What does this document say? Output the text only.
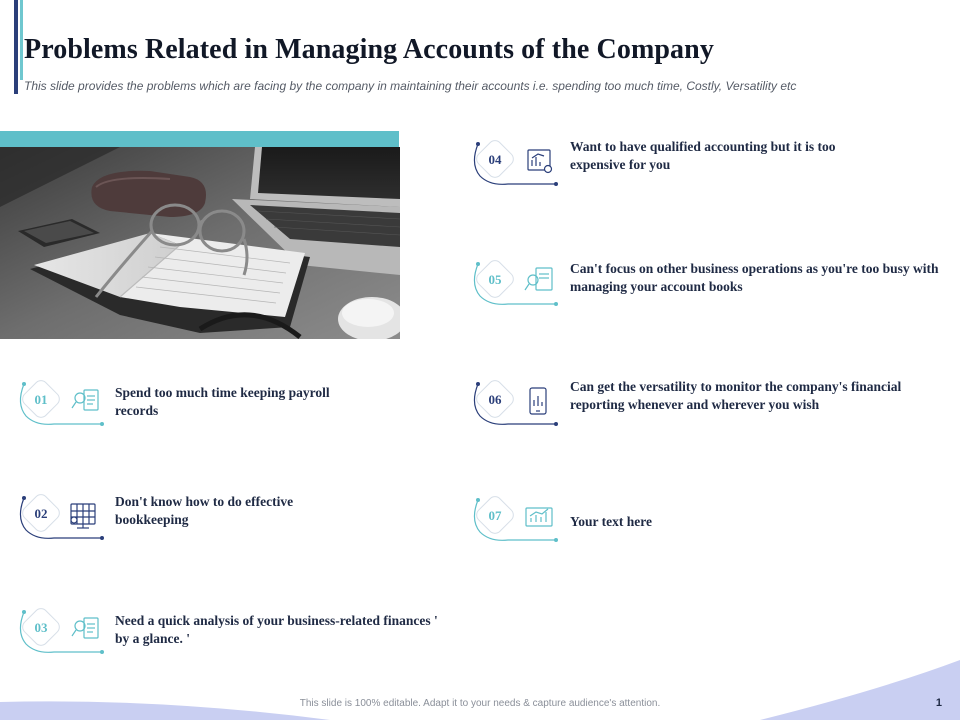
Problems Related in Managing Accounts of the Company

This slide provides the problems which are facing by the company in maintaining their accounts i.e. spending too much time, Costly, Versatility etc

01	Spend too much time keeping payroll records
02
Don't know how to do effective bookkeeping
03	Need a quick analysis of your business-related finances ' by a glance. '
04
Want to have qualified accounting but it is too expensive for you
05
Can't focus on other business operations as you're too busy with managing your account books
06
Can get the versatility to monitor the company's financial reporting whenever and wherever you wish
07	Your text here
This slide is 100% editable. Adapt it to your needs & capture audience's attention.	1
